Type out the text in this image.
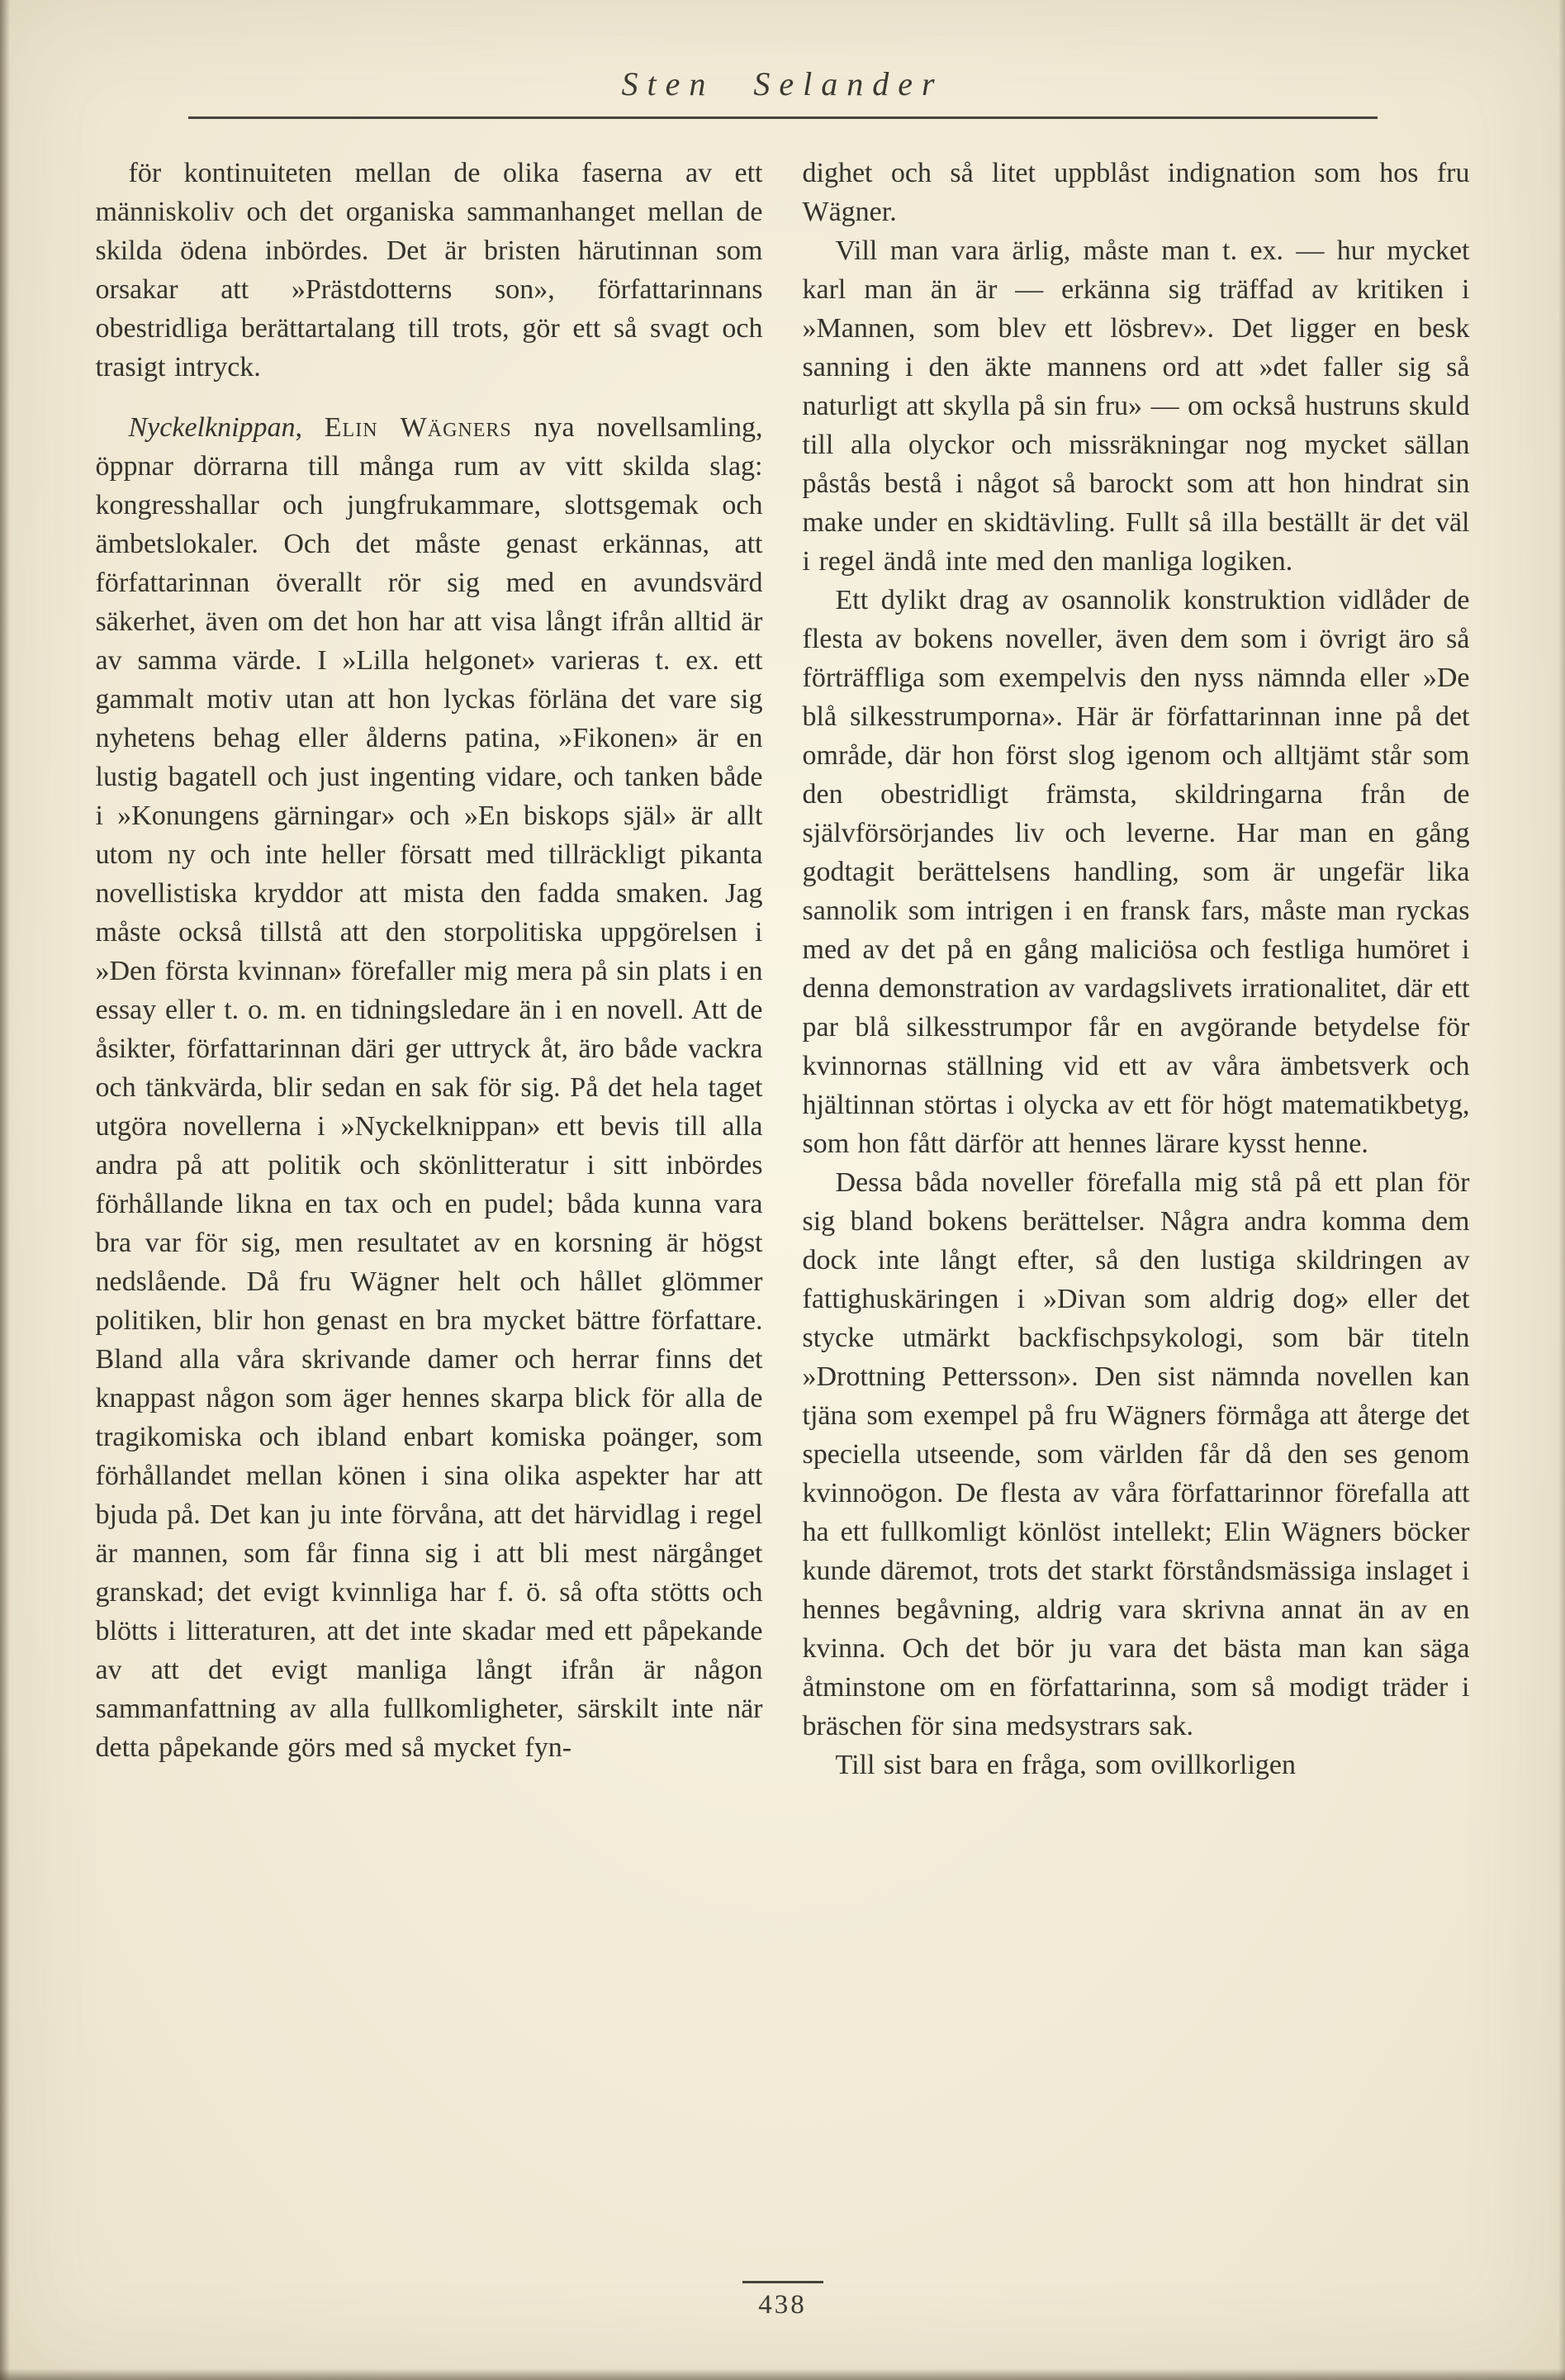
Sten Selander

för kontinuiteten mellan de olika faserna av ett människoliv och det organiska sammanhanget mellan de skilda ödena inbördes. Det är bristen härutinnan som orsakar att »Prästdotterns son», författarinnans obestridliga berättartalang till trots, gör ett så svagt och trasigt intryck.

Nyckelknippan, Elin Wägners nya novellsamling, öppnar dörrarna till många rum av vitt skilda slag: kongresshallar och jungfrukammare, slottsgemak och ämbetslokaler. Och det måste genast erkännas, att författarinnan överallt rör sig med en avundsvärd säkerhet, även om det hon har att visa långt ifrån alltid är av samma värde. I »Lilla helgonet» varieras t. ex. ett gammalt motiv utan att hon lyckas förläna det vare sig nyhetens behag eller ålderns patina, »Fikonen» är en lustig bagatell och just ingenting vidare, och tanken både i »Konungens gärningar» och »En biskops själ» är allt utom ny och inte heller försatt med tillräckligt pikanta novellistiska kryddor att mista den fadda smaken. Jag måste också tillstå att den storpolitiska uppgörelsen i »Den första kvinnan» förefaller mig mera på sin plats i en essay eller t. o. m. en tidningsledare än i en novell. Att de åsikter, författarinnan däri ger uttryck åt, äro både vackra och tänkvärda, blir sedan en sak för sig. På det hela taget utgöra novellerna i »Nyckelknippan» ett bevis till alla andra på att politik och skönlitteratur i sitt inbördes förhållande likna en tax och en pudel; båda kunna vara bra var för sig, men resultatet av en korsning är högst nedslående. Då fru Wägner helt och hållet glömmer politiken, blir hon genast en bra mycket bättre författare. Bland alla våra skrivande damer och herrar finns det knappast någon som äger hennes skarpa blick för alla de tragikomiska och ibland enbart komiska poänger, som förhållandet mellan könen i sina olika aspekter har att bjuda på. Det kan ju inte förvåna, att det härvidlag i regel är mannen, som får finna sig i att bli mest närgånget granskad; det evigt kvinnliga har f. ö. så ofta stötts och blötts i litteraturen, att det inte skadar med ett påpekande av att det evigt manliga långt ifrån är någon sammanfattning av alla fullkomligheter, särskilt inte när detta påpekande görs med så mycket fyn-

dighet och så litet uppblåst indignation som hos fru Wägner.

Vill man vara ärlig, måste man t. ex. — hur mycket karl man än är — erkänna sig träffad av kritiken i »Mannen, som blev ett lösbrev». Det ligger en besk sanning i den äkte mannens ord att »det faller sig så naturligt att skylla på sin fru» — om också hustruns skuld till alla olyckor och missräkningar nog mycket sällan påstås bestå i något så barockt som att hon hindrat sin make under en skidtävling. Fullt så illa beställt är det väl i regel ändå inte med den manliga logiken.

Ett dylikt drag av osannolik konstruktion vidlåder de flesta av bokens noveller, även dem som i övrigt äro så förträffliga som exempelvis den nyss nämnda eller »De blå silkesstrumporna». Här är författarinnan inne på det område, där hon först slog igenom och alltjämt står som den obestridligt främsta, skildringarna från de självförsörjandes liv och leverne. Har man en gång godtagit berättelsens handling, som är ungefär lika sannolik som intrigen i en fransk fars, måste man ryckas med av det på en gång maliciösa och festliga humöret i denna demonstration av vardagslivets irrationalitet, där ett par blå silkesstrumpor får en avgörande betydelse för kvinnornas ställning vid ett av våra ämbetsverk och hjältinnan störtas i olycka av ett för högt matematikbetyg, som hon fått därför att hennes lärare kysst henne.

Dessa båda noveller förefalla mig stå på ett plan för sig bland bokens berättelser. Några andra komma dem dock inte långt efter, så den lustiga skildringen av fattighuskäringen i »Divan som aldrig dog» eller det stycke utmärkt backfischpsykologi, som bär titeln »Drottning Pettersson». Den sist nämnda novellen kan tjäna som exempel på fru Wägners förmåga att återge det speciella utseende, som världen får då den ses genom kvinnoögon. De flesta av våra författarinnor förefalla att ha ett fullkomligt könlöst intellekt; Elin Wägners böcker kunde däremot, trots det starkt förståndsmässiga inslaget i hennes begåvning, aldrig vara skrivna annat än av en kvinna. Och det bör ju vara det bästa man kan säga åtminstone om en författarinna, som så modigt träder i bräschen för sina medsystrars sak.

Till sist bara en fråga, som ovillkorligen

438
